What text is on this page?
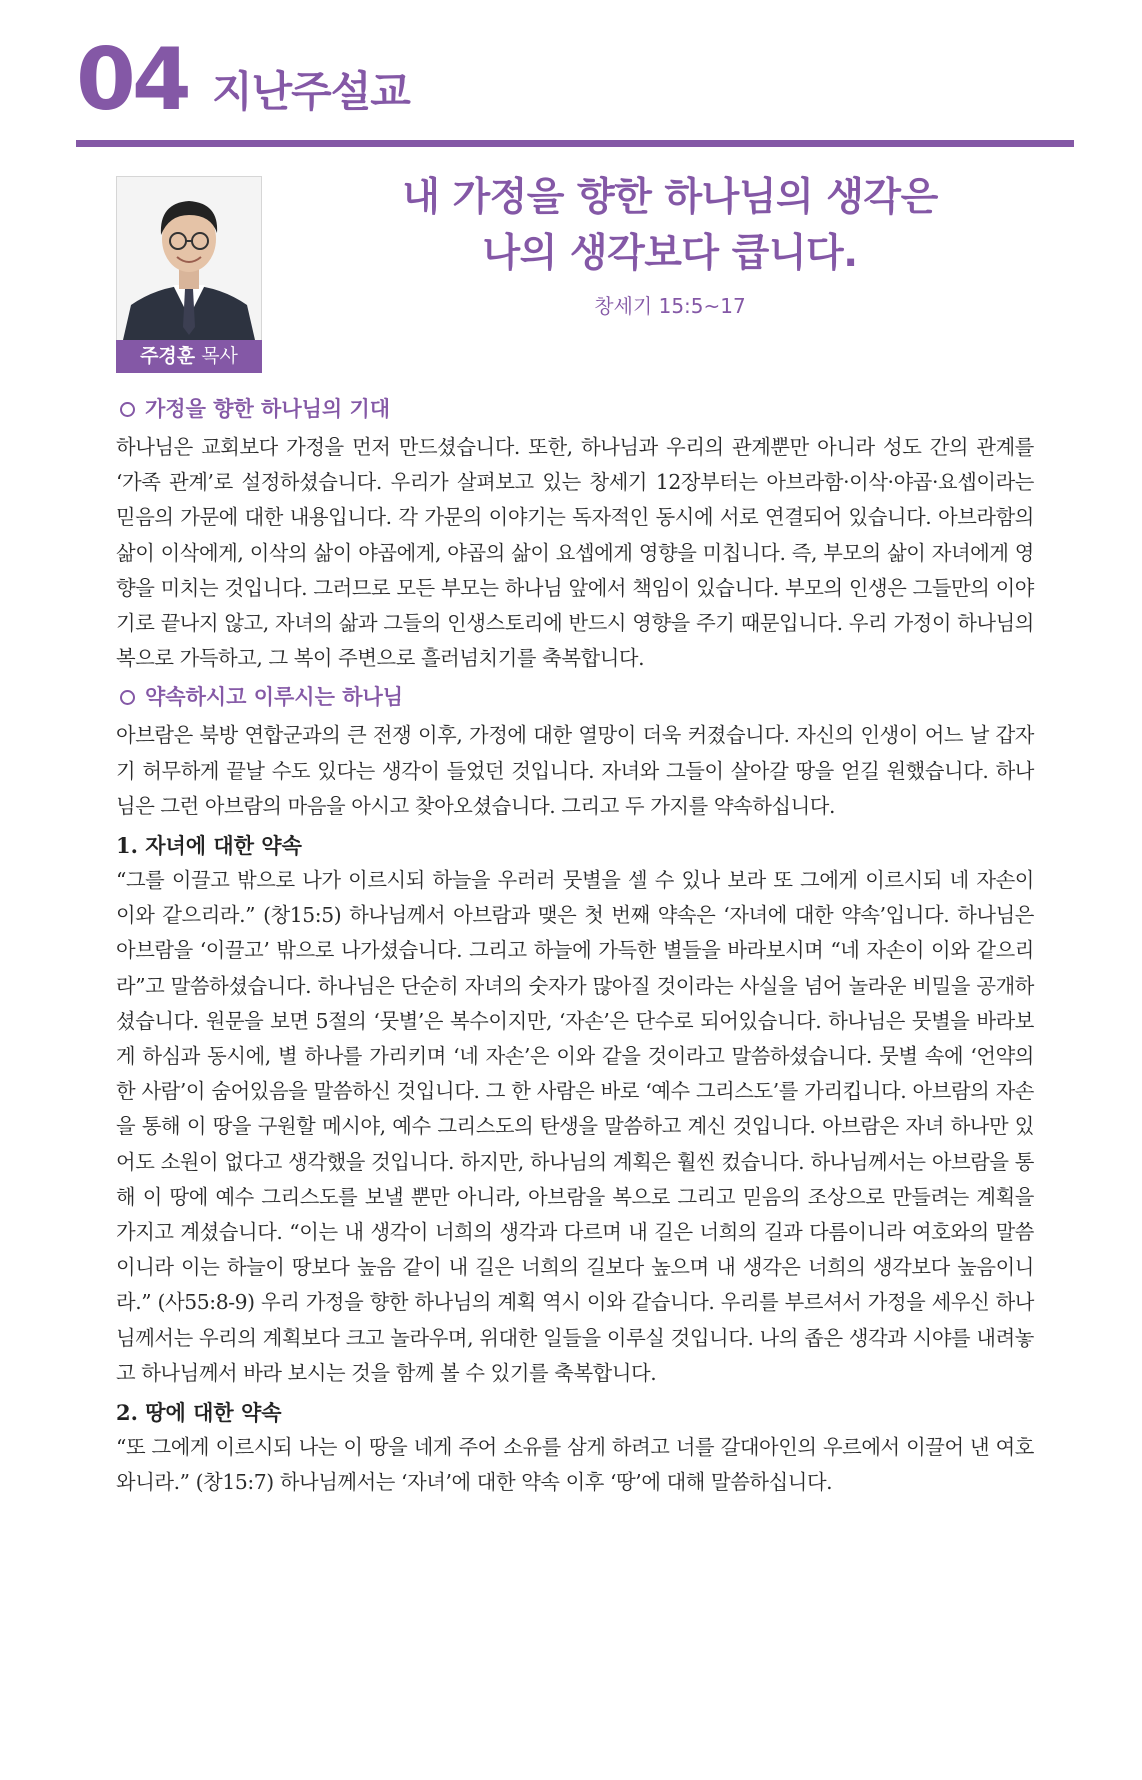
04 지난주설교
주경훈 목사
내 가정을 향한 하나님의 생각은
나의 생각보다 큽니다.
창세기 15:5~17
가정을 향한 하나님의 기대

하나님은 교회보다 가정을 먼저 만드셨습니다. 또한, 하나님과 우리의 관계뿐만 아니라 성도 간의 관계를 ‘가족 관계’로 설정하셨습니다. 우리가 살펴보고 있는 창세기 12장부터는 아브라함·이삭·야곱·요셉이라는 믿음의 가문에 대한 내용입니다. 각 가문의 이야기는 독자적인 동시에 서로 연결되어 있습니다. 아브라함의 삶이 이삭에게, 이삭의 삶이 야곱에게, 야곱의 삶이 요셉에게 영향을 미칩니다. 즉, 부모의 삶이 자녀에게 영향을 미치는 것입니다. 그러므로 모든 부모는 하나님 앞에서 책임이 있습니다. 부모의 인생은 그들만의 이야기로 끝나지 않고, 자녀의 삶과 그들의 인생스토리에 반드시 영향을 주기 때문입니다. 우리 가정이 하나님의 복으로 가득하고, 그 복이 주변으로 흘러넘치기를 축복합니다.

약속하시고 이루시는 하나님

아브람은 북방 연합군과의 큰 전쟁 이후, 가정에 대한 열망이 더욱 커졌습니다. 자신의 인생이 어느 날 갑자기 허무하게 끝날 수도 있다는 생각이 들었던 것입니다. 자녀와 그들이 살아갈 땅을 얻길 원했습니다. 하나님은 그런 아브람의 마음을 아시고 찾아오셨습니다. 그리고 두 가지를 약속하십니다.

1. 자녀에 대한 약속

“그를 이끌고 밖으로 나가 이르시되 하늘을 우러러 뭇별을 셀 수 있나 보라 또 그에게 이르시되 네 자손이 이와 같으리라.” (창15:5) 하나님께서 아브람과 맺은 첫 번째 약속은 ‘자녀에 대한 약속’입니다. 하나님은 아브람을 ‘이끌고’ 밖으로 나가셨습니다. 그리고 하늘에 가득한 별들을 바라보시며 “네 자손이 이와 같으리라”고 말씀하셨습니다. 하나님은 단순히 자녀의 숫자가 많아질 것이라는 사실을 넘어 놀라운 비밀을 공개하셨습니다. 원문을 보면 5절의 ‘뭇별’은 복수이지만, ‘자손’은 단수로 되어있습니다. 하나님은 뭇별을 바라보게 하심과 동시에, 별 하나를 가리키며 ‘네 자손’은 이와 같을 것이라고 말씀하셨습니다. 뭇별 속에 ‘언약의 한 사람’이 숨어있음을 말씀하신 것입니다. 그 한 사람은 바로 ‘예수 그리스도’를 가리킵니다. 아브람의 자손을 통해 이 땅을 구원할 메시야, 예수 그리스도의 탄생을 말씀하고 계신 것입니다. 아브람은 자녀 하나만 있어도 소원이 없다고 생각했을 것입니다. 하지만, 하나님의 계획은 훨씬 컸습니다. 하나님께서는 아브람을 통해 이 땅에 예수 그리스도를 보낼 뿐만 아니라, 아브람을 복으로 그리고 믿음의 조상으로 만들려는 계획을 가지고 계셨습니다. “이는 내 생각이 너희의 생각과 다르며 내 길은 너희의 길과 다름이니라 여호와의 말씀이니라 이는 하늘이 땅보다 높음 같이 내 길은 너희의 길보다 높으며 내 생각은 너희의 생각보다 높음이니라.” (사55:8-9) 우리 가정을 향한 하나님의 계획 역시 이와 같습니다. 우리를 부르셔서 가정을 세우신 하나님께서는 우리의 계획보다 크고 놀라우며, 위대한 일들을 이루실 것입니다. 나의 좁은 생각과 시야를 내려놓고 하나님께서 바라 보시는 것을 함께 볼 수 있기를 축복합니다.

2. 땅에 대한 약속

“또 그에게 이르시되 나는 이 땅을 네게 주어 소유를 삼게 하려고 너를 갈대아인의 우르에서 이끌어 낸 여호와니라.” (창15:7) 하나님께서는 ‘자녀’에 대한 약속 이후 ‘땅’에 대해 말씀하십니다.
